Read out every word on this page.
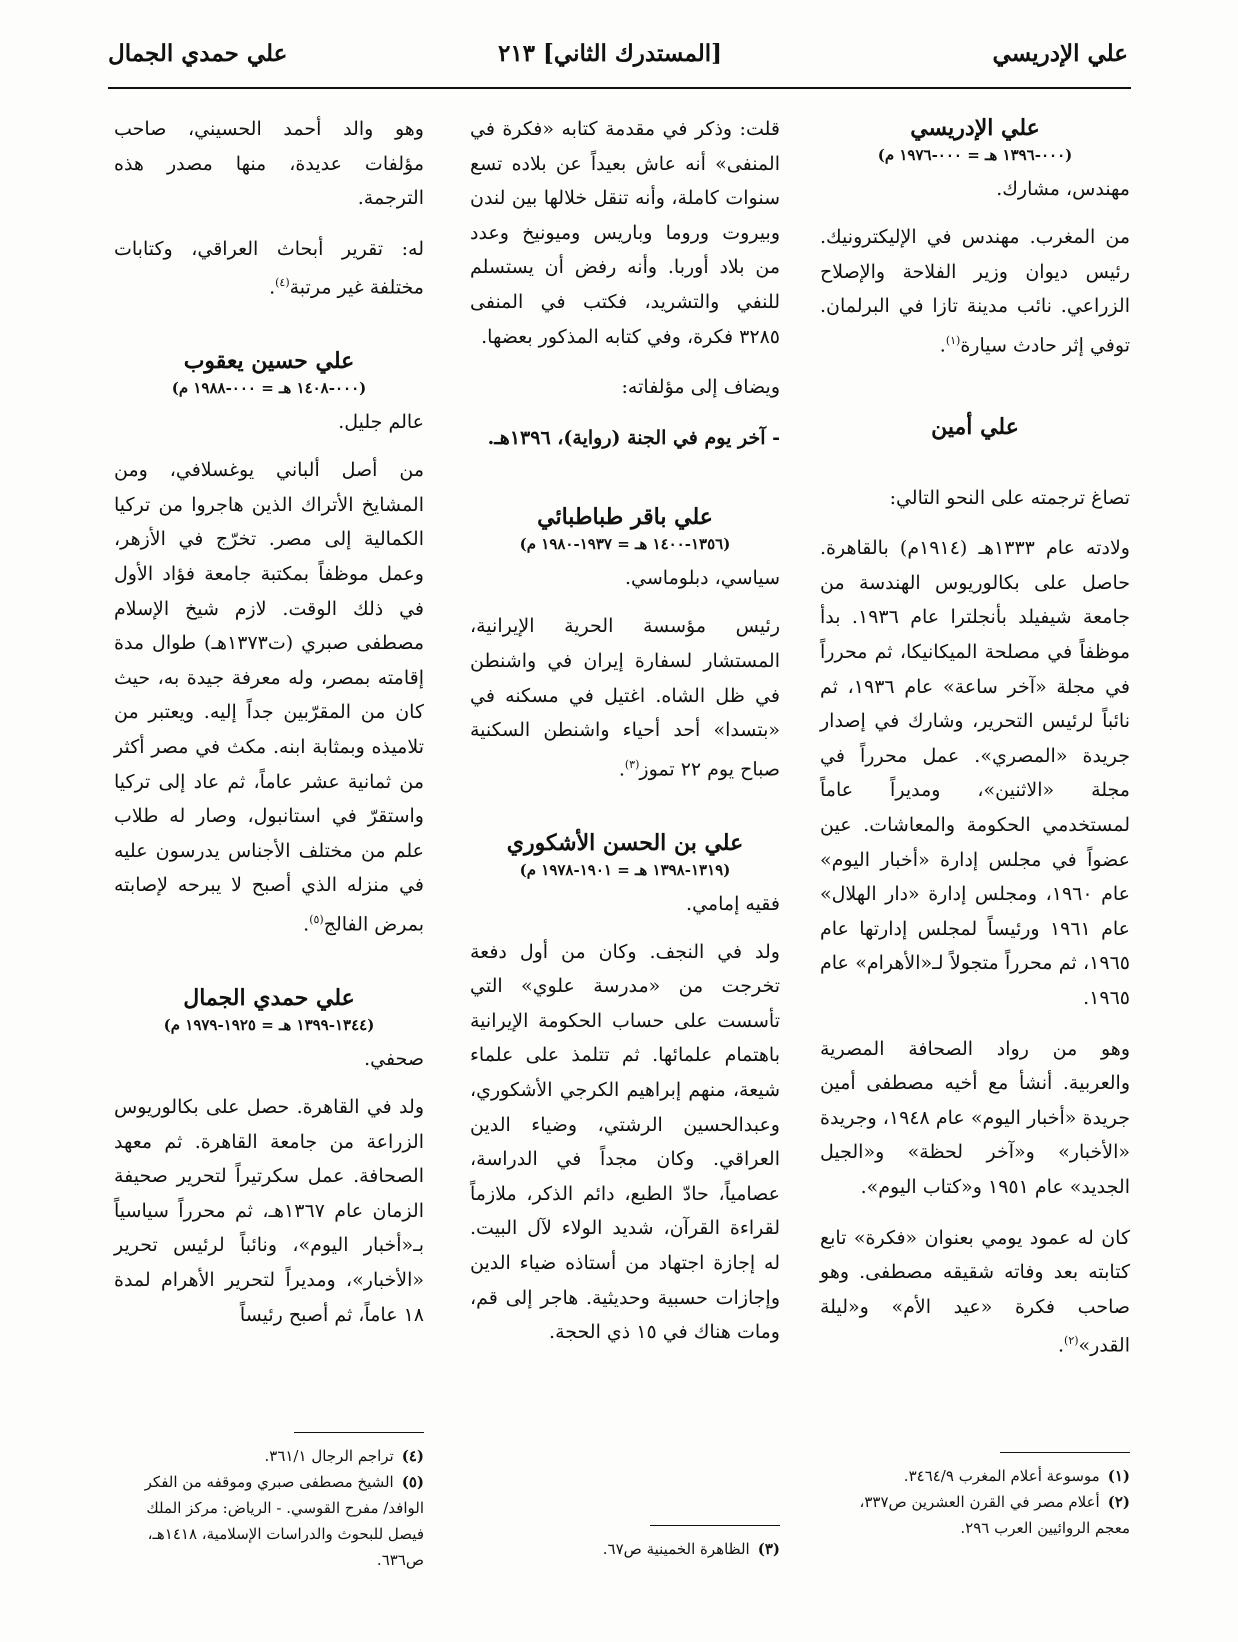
علي الإدريسي
[المستدرك الثاني] ٢١٣
علي حمدي الجمال
علي الإدريسي
(٠٠٠-١٣٩٦ هـ = ٠٠٠-١٩٧٦ م)

مهندس، مشارك.

من المغرب. مهندس في الإليكترونيك. رئيس ديوان وزير الفلاحة والإصلاح الزراعي. نائب مدينة تازا في البرلمان. توفي إثر حادث سيارة$^{(١)}$.

علي أمين

تصاغ ترجمته على النحو التالي:

ولادته عام ١٣٣٣هـ (١٩١٤م) بالقاهرة. حاصل على بكالوريوس الهندسة من جامعة شيفيلد بأنجلترا عام ١٩٣٦. بدأ موظفاً في مصلحة الميكانيكا، ثم محرراً في مجلة «آخر ساعة» عام ١٩٣٦، ثم نائباً لرئيس التحرير، وشارك في إصدار جريدة «المصري». عمل محرراً في مجلة «الاثنين»، ومديراً عاماً لمستخدمي الحكومة والمعاشات. عين عضواً في مجلس إدارة «أخبار اليوم» عام ١٩٦٠، ومجلس إدارة «دار الهلال» عام ١٩٦١ ورئيساً لمجلس إدارتها عام ١٩٦٥، ثم محرراً متجولاً لـ«الأهرام» عام ١٩٦٥.

وهو من رواد الصحافة المصرية والعربية. أنشأ مع أخيه مصطفى أمين جريدة «أخبار اليوم» عام ١٩٤٨، وجريدة «الأخبار» و«آخر لحظة» و«الجيل الجديد» عام ١٩٥١ و«كتاب اليوم».

كان له عمود يومي بعنوان «فكرة» تابع كتابته بعد وفاته شقيقه مصطفى. وهو صاحب فكرة «عيد الأم» و«ليلة القدر»$^{(٢)}$.

قلت: وذكر في مقدمة كتابه «فكرة في المنفى» أنه عاش بعيداً عن بلاده تسع سنوات كاملة، وأنه تنقل خلالها بين لندن وبيروت وروما وباريس وميونيخ وعدد من بلاد أوربا. وأنه رفض أن يستسلم للنفي والتشريد، فكتب في المنفى ٣٢٨٥ فكرة، وفي كتابه المذكور بعضها.

ويضاف إلى مؤلفاته:

- آخر يوم في الجنة (رواية)، ١٣٩٦هـ.

علي باقر طباطبائي
(١٣٥٦-١٤٠٠ هـ = ١٩٣٧-١٩٨٠ م)

سياسي، دبلوماسي.

رئيس مؤسسة الحرية الإيرانية، المستشار لسفارة إيران في واشنطن في ظل الشاه. اغتيل في مسكنه في «بتسدا» أحد أحياء واشنطن السكنية صباح يوم ٢٢ تموز$^{(٣)}$.

علي بن الحسن الأشكوري
(١٣١٩-١٣٩٨ هـ = ١٩٠١-١٩٧٨ م)

فقيه إمامي.

ولد في النجف. وكان من أول دفعة تخرجت من «مدرسة علوي» التي تأسست على حساب الحكومة الإيرانية باهتمام علمائها. ثم تتلمذ على علماء شيعة، منهم إبراهيم الكرجي الأشكوري، وعبدالحسين الرشتي، وضياء الدين العراقي. وكان مجداً في الدراسة، عصامياً، حادّ الطبع، دائم الذكر، ملازماً لقراءة القرآن، شديد الولاء لآل البيت. له إجازة اجتهاد من أستاذه ضياء الدين وإجازات حسبية وحديثية. هاجر إلى قم، ومات هناك في ١٥ ذي الحجة.

وهو والد أحمد الحسيني، صاحب مؤلفات عديدة، منها مصدر هذه الترجمة.

له: تقرير أبحاث العراقي، وكتابات مختلفة غير مرتبة$^{(٤)}$.

علي حسين يعقوب
(٠٠٠-١٤٠٨ هـ = ٠٠٠-١٩٨٨ م)

عالم جليل.

من أصل ألباني يوغسلافي، ومن المشايخ الأتراك الذين هاجروا من تركيا الكمالية إلى مصر. تخرّج في الأزهر، وعمل موظفاً بمكتبة جامعة فؤاد الأول في ذلك الوقت. لازم شيخ الإسلام مصطفى صبري (ت١٣٧٣هـ) طوال مدة إقامته بمصر، وله معرفة جيدة به، حيث كان من المقرّبين جداً إليه. ويعتبر من تلاميذه وبمثابة ابنه. مكث في مصر أكثر من ثمانية عشر عاماً، ثم عاد إلى تركيا واستقرّ في استانبول، وصار له طلاب علم من مختلف الأجناس يدرسون عليه في منزله الذي أصبح لا يبرحه لإصابته بمرض الفالج$^{(٥)}$.

علي حمدي الجمال
(١٣٤٤-١٣٩٩ هـ = ١٩٢٥-١٩٧٩ م)

صحفي.

ولد في القاهرة. حصل على بكالوريوس الزراعة من جامعة القاهرة. ثم معهد الصحافة. عمل سكرتيراً لتحرير صحيفة الزمان عام ١٣٦٧هـ، ثم محرراً سياسياً بـ«أخبار اليوم»، ونائباً لرئيس تحرير «الأخبار»، ومديراً لتحرير الأهرام لمدة ١٨ عاماً، ثم أصبح رئيساً

(١)موسوعة أعلام المغرب ٣٤٦٤/٩.

(٢)أعلام مصر في القرن العشرين ص٣٣٧، معجم الروائيين العرب ٢٩٦.

(٣)الظاهرة الخمينية ص٦٧.

(٤)تراجم الرجال ٣٦١/١.

(٥)الشيخ مصطفى صبري وموقفه من الفكر الوافد/ مفرح القوسي. - الرياض: مركز الملك فيصل للبحوث والدراسات الإسلامية، ١٤١٨هـ، ص٦٣٦.
